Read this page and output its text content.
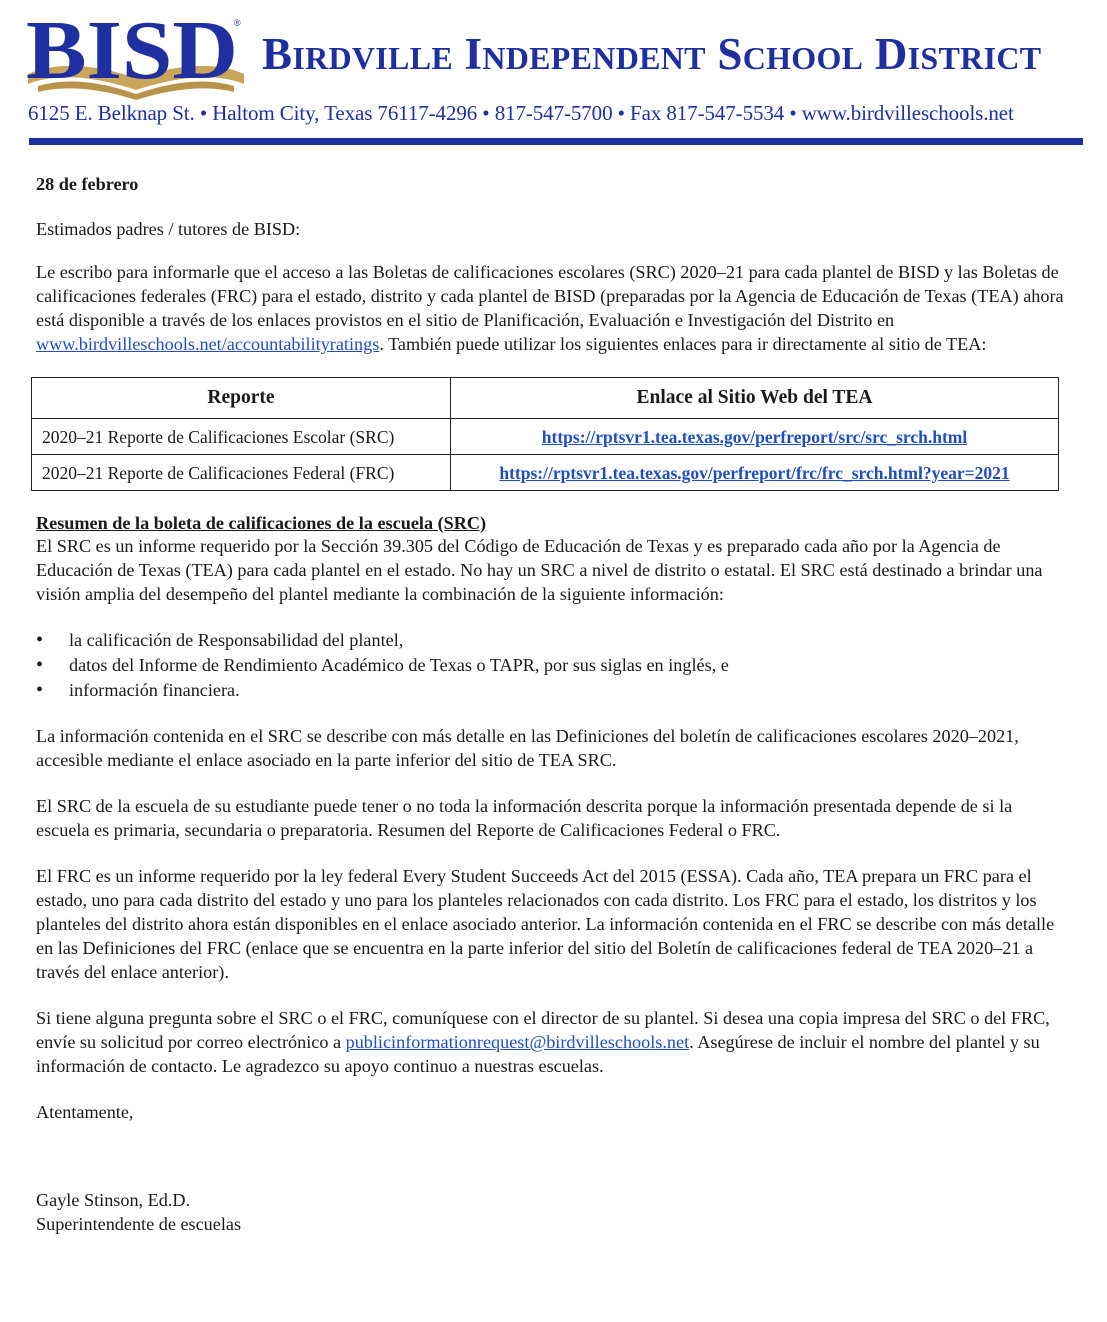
BISD
®
Birdville Independent School District
6125 E. Belknap St. • Haltom City, Texas 76117-4296 • 817-547-5700 • Fax 817-547-5534 • www.birdvilleschools.net

28 de febrero

Estimados padres / tutores de BISD:

Le escribo para informarle que el acceso a las Boletas de calificaciones escolares (SRC) 2020–21 para cada plantel de BISD y las Boletas de calificaciones federales (FRC) para el estado, distrito y cada plantel de BISD (preparadas por la Agencia de Educación de Texas (TEA) ahora está disponible a través de los enlaces provistos en el sitio de Planificación, Evaluación e Investigación del Distrito en www.birdvilleschools.net/accountabilityratings. También puede utilizar los siguientes enlaces para ir directamente al sitio de TEA:

Reporte	Enlace al Sitio Web del TEA
2020–21 Reporte de Calificaciones Escolar (SRC)	https://rptsvr1.tea.texas.gov/perfreport/src/src_srch.html
2020–21 Reporte de Calificaciones Federal (FRC)	https://rptsvr1.tea.texas.gov/perfreport/frc/frc_srch.html?year=2021

Resumen de la boleta de calificaciones de la escuela (SRC)

El SRC es un informe requerido por la Sección 39.305 del Código de Educación de Texas y es preparado cada año por la Agencia de Educación de Texas (TEA) para cada plantel en el estado. No hay un SRC a nivel de distrito o estatal. El SRC está destinado a brindar una visión amplia del desempeño del plantel mediante la combinación de la siguiente información:

• la calificación de Responsabilidad del plantel,
• datos del Informe de Rendimiento Académico de Texas o TAPR, por sus siglas en inglés, e
• información financiera.

La información contenida en el SRC se describe con más detalle en las Definiciones del boletín de calificaciones escolares 2020–2021, accesible mediante el enlace asociado en la parte inferior del sitio de TEA SRC.

El SRC de la escuela de su estudiante puede tener o no toda la información descrita porque la información presentada depende de si la escuela es primaria, secundaria o preparatoria. Resumen del Reporte de Calificaciones Federal o FRC.

El FRC es un informe requerido por la ley federal Every Student Succeeds Act del 2015 (ESSA). Cada año, TEA prepara un FRC para el estado, uno para cada distrito del estado y uno para los planteles relacionados con cada distrito. Los FRC para el estado, los distritos y los planteles del distrito ahora están disponibles en el enlace asociado anterior. La información contenida en el FRC se describe con más detalle en las Definiciones del FRC (enlace que se encuentra en la parte inferior del sitio del Boletín de calificaciones federal de TEA 2020–21 a través del enlace anterior).

Si tiene alguna pregunta sobre el SRC o el FRC, comuníquese con el director de su plantel. Si desea una copia impresa del SRC o del FRC, envíe su solicitud por correo electrónico a publicinformationrequest@birdvilleschools.net. Asegúrese de incluir el nombre del plantel y su información de contacto. Le agradezco su apoyo continuo a nuestras escuelas.

Atentamente,

Gayle Stinson, Ed.D.

Superintendente de escuelas
